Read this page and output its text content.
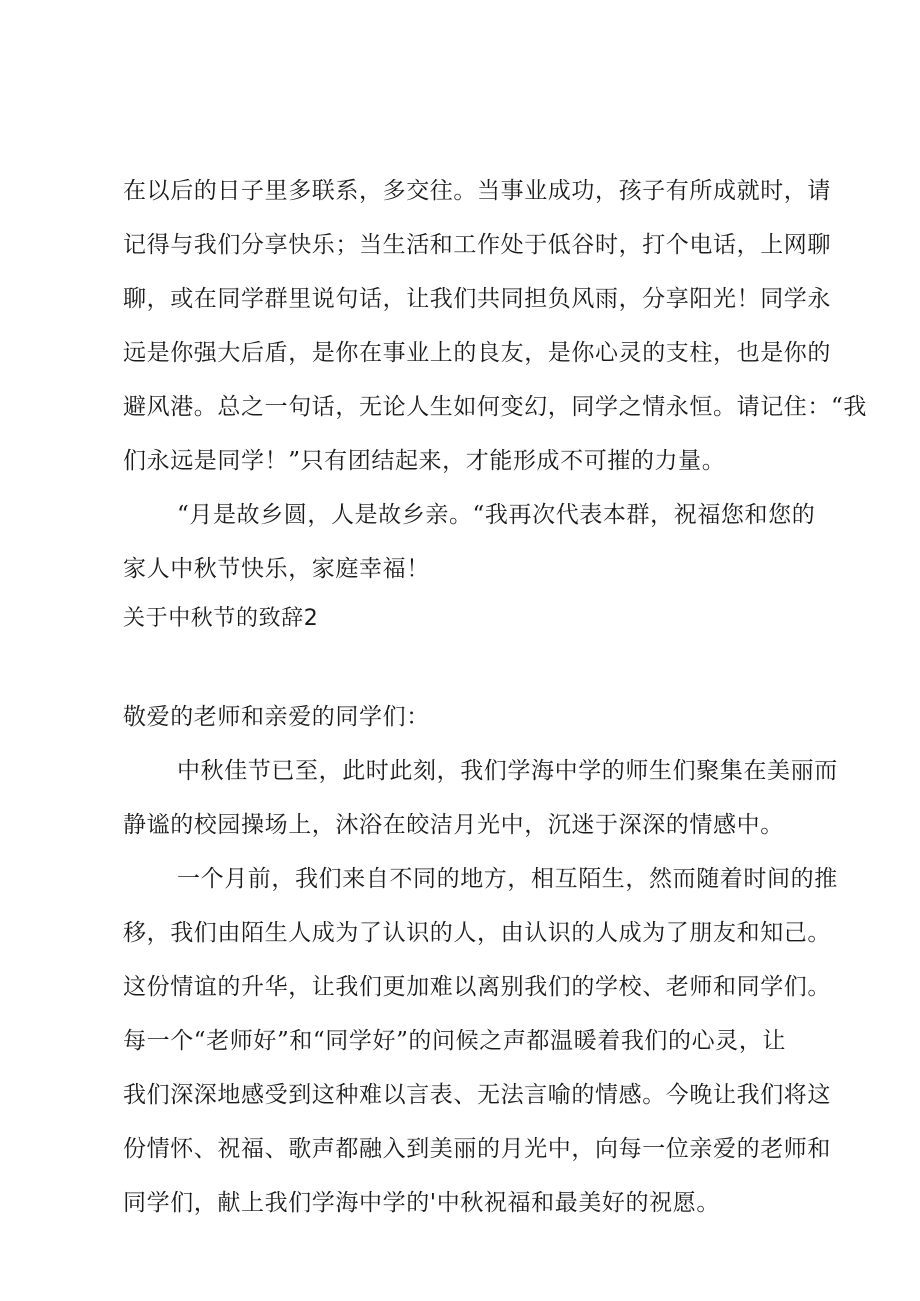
在以后的日子里多联系，多交往。当事业成功，孩子有所成就时，请
记得与我们分享快乐；当生活和工作处于低谷时，打个电话，上网聊
聊，或在同学群里说句话，让我们共同担负风雨，分享阳光！同学永
远是你强大后盾，是你在事业上的良友，是你心灵的支柱，也是你的
避风港。总之一句话，无论人生如何变幻，同学之情永恒。请记住：“我
们永远是同学！”只有团结起来，才能形成不可摧的力量。
“月是故乡圆，人是故乡亲。“我再次代表本群，祝福您和您的
家人中秋节快乐，家庭幸福！
关于中秋节的致辞2
敬爱的老师和亲爱的同学们：
中秋佳节已至，此时此刻，我们学海中学的师生们聚集在美丽而
静谧的校园操场上，沐浴在皎洁月光中，沉迷于深深的情感中。
一个月前，我们来自不同的地方，相互陌生，然而随着时间的推
移，我们由陌生人成为了认识的人，由认识的人成为了朋友和知己。
这份情谊的升华，让我们更加难以离别我们的学校、老师和同学们。
每一个“老师好”和“同学好”的问候之声都温暖着我们的心灵，让
我们深深地感受到这种难以言表、无法言喻的情感。今晚让我们将这
份情怀、祝福、歌声都融入到美丽的月光中，向每一位亲爱的老师和
同学们，献上我们学海中学的'中秋祝福和最美好的祝愿。
